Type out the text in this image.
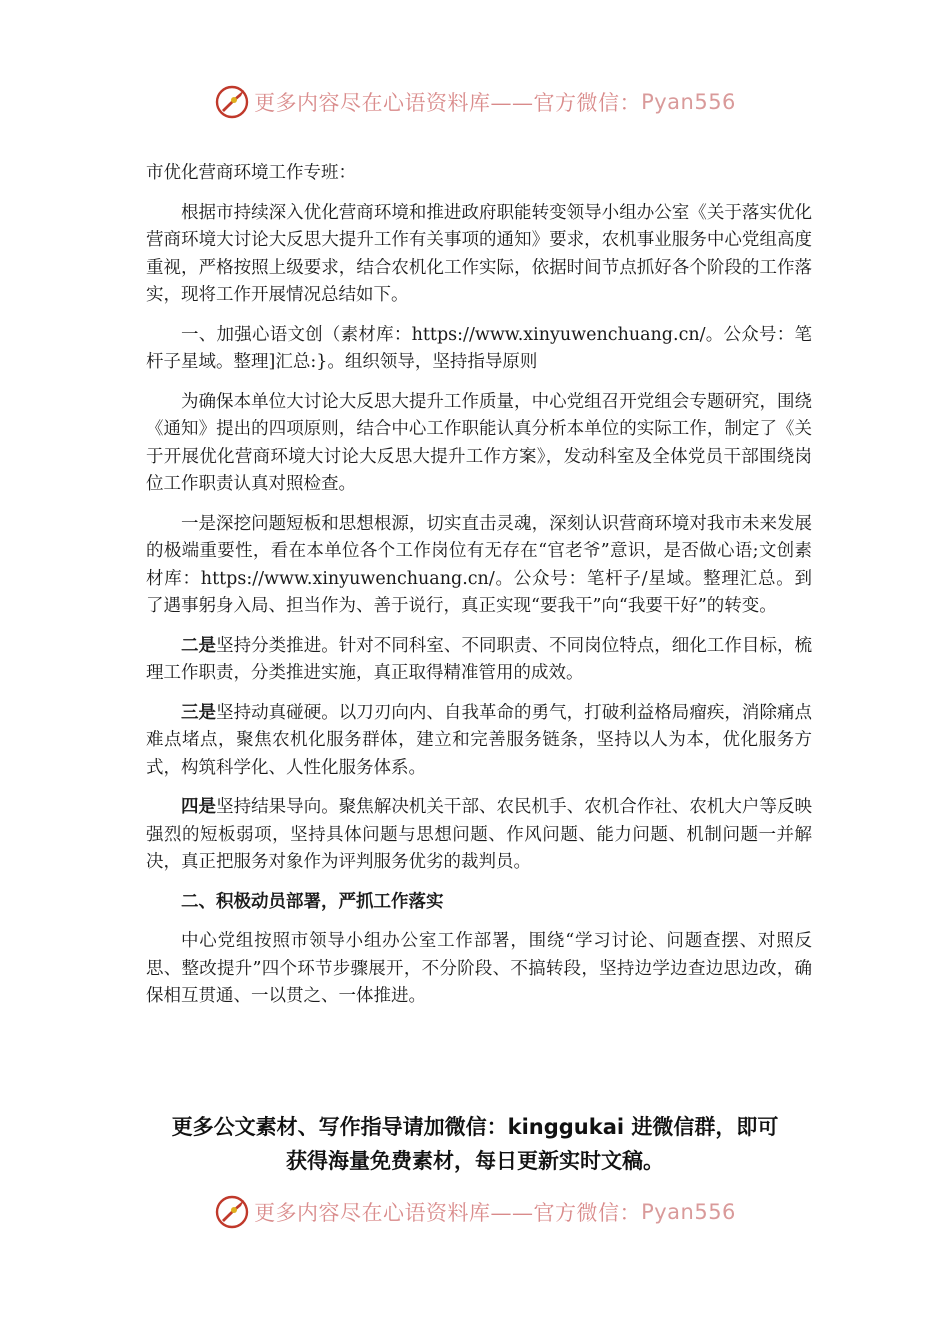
更多内容尽在心语资料库——官方微信： Pyan556

市优化营商环境工作专班：

根据市持续深入优化营商环境和推进政府职能转变领导小组办公室《关于落实优化营商环境大讨论大反思大提升工作有关事项的通知》要求，农机事业服务中心党组高度重视，严格按照上级要求，结合农机化工作实际，依据时间节点抓好各个阶段的工作落实，现将工作开展情况总结如下。

一、加强心语文创（素材库：https://www.xinyuwenchuang.cn/。公众号：笔杆子星域。整理]汇总:}。组织领导，坚持指导原则

为确保本单位大讨论大反思大提升工作质量，中心党组召开党组会专题研究，围绕《通知》提出的四项原则，结合中心工作职能认真分析本单位的实际工作，制定了《关于开展优化营商环境大讨论大反思大提升工作方案》，发动科室及全体党员干部围绕岗位工作职责认真对照检查。

一是深挖问题短板和思想根源，切实直击灵魂，深刻认识营商环境对我市未来发展的极端重要性，看在本单位各个工作岗位有无存在“官老爷”意识，是否做心语;文创素材库：https://www.xinyuwenchuang.cn/。公众号：笔杆子/星域。整理汇总。到了遇事躬身入局、担当作为、善于说行，真正实现“要我干”向“我要干好”的转变。

二是坚持分类推进。针对不同科室、不同职责、不同岗位特点，细化工作目标，梳理工作职责，分类推进实施，真正取得精准管用的成效。

三是坚持动真碰硬。以刀刃向内、自我革命的勇气，打破利益格局瘤疾，消除痛点难点堵点，聚焦农机化服务群体，建立和完善服务链条，坚持以人为本，优化服务方式，构筑科学化、人性化服务体系。

四是坚持结果导向。聚焦解决机关干部、农民机手、农机合作社、农机大户等反映强烈的短板弱项，坚持具体问题与思想问题、作风问题、能力问题、机制问题一并解决，真正把服务对象作为评判服务优劣的裁判员。

二、积极动员部署，严抓工作落实

中心党组按照市领导小组办公室工作部署，围绕“学习讨论、问题查摆、对照反思、整改提升”四个环节步骤展开，不分阶段、不搞转段，坚持边学边查边思边改，确保相互贯通、一以贯之、一体推进。

更多公文素材、写作指导请加微信：kinggukai 进微信群，即可
获得海量免费素材，每日更新实时文稿。
更多内容尽在心语资料库——官方微信： Pyan556
